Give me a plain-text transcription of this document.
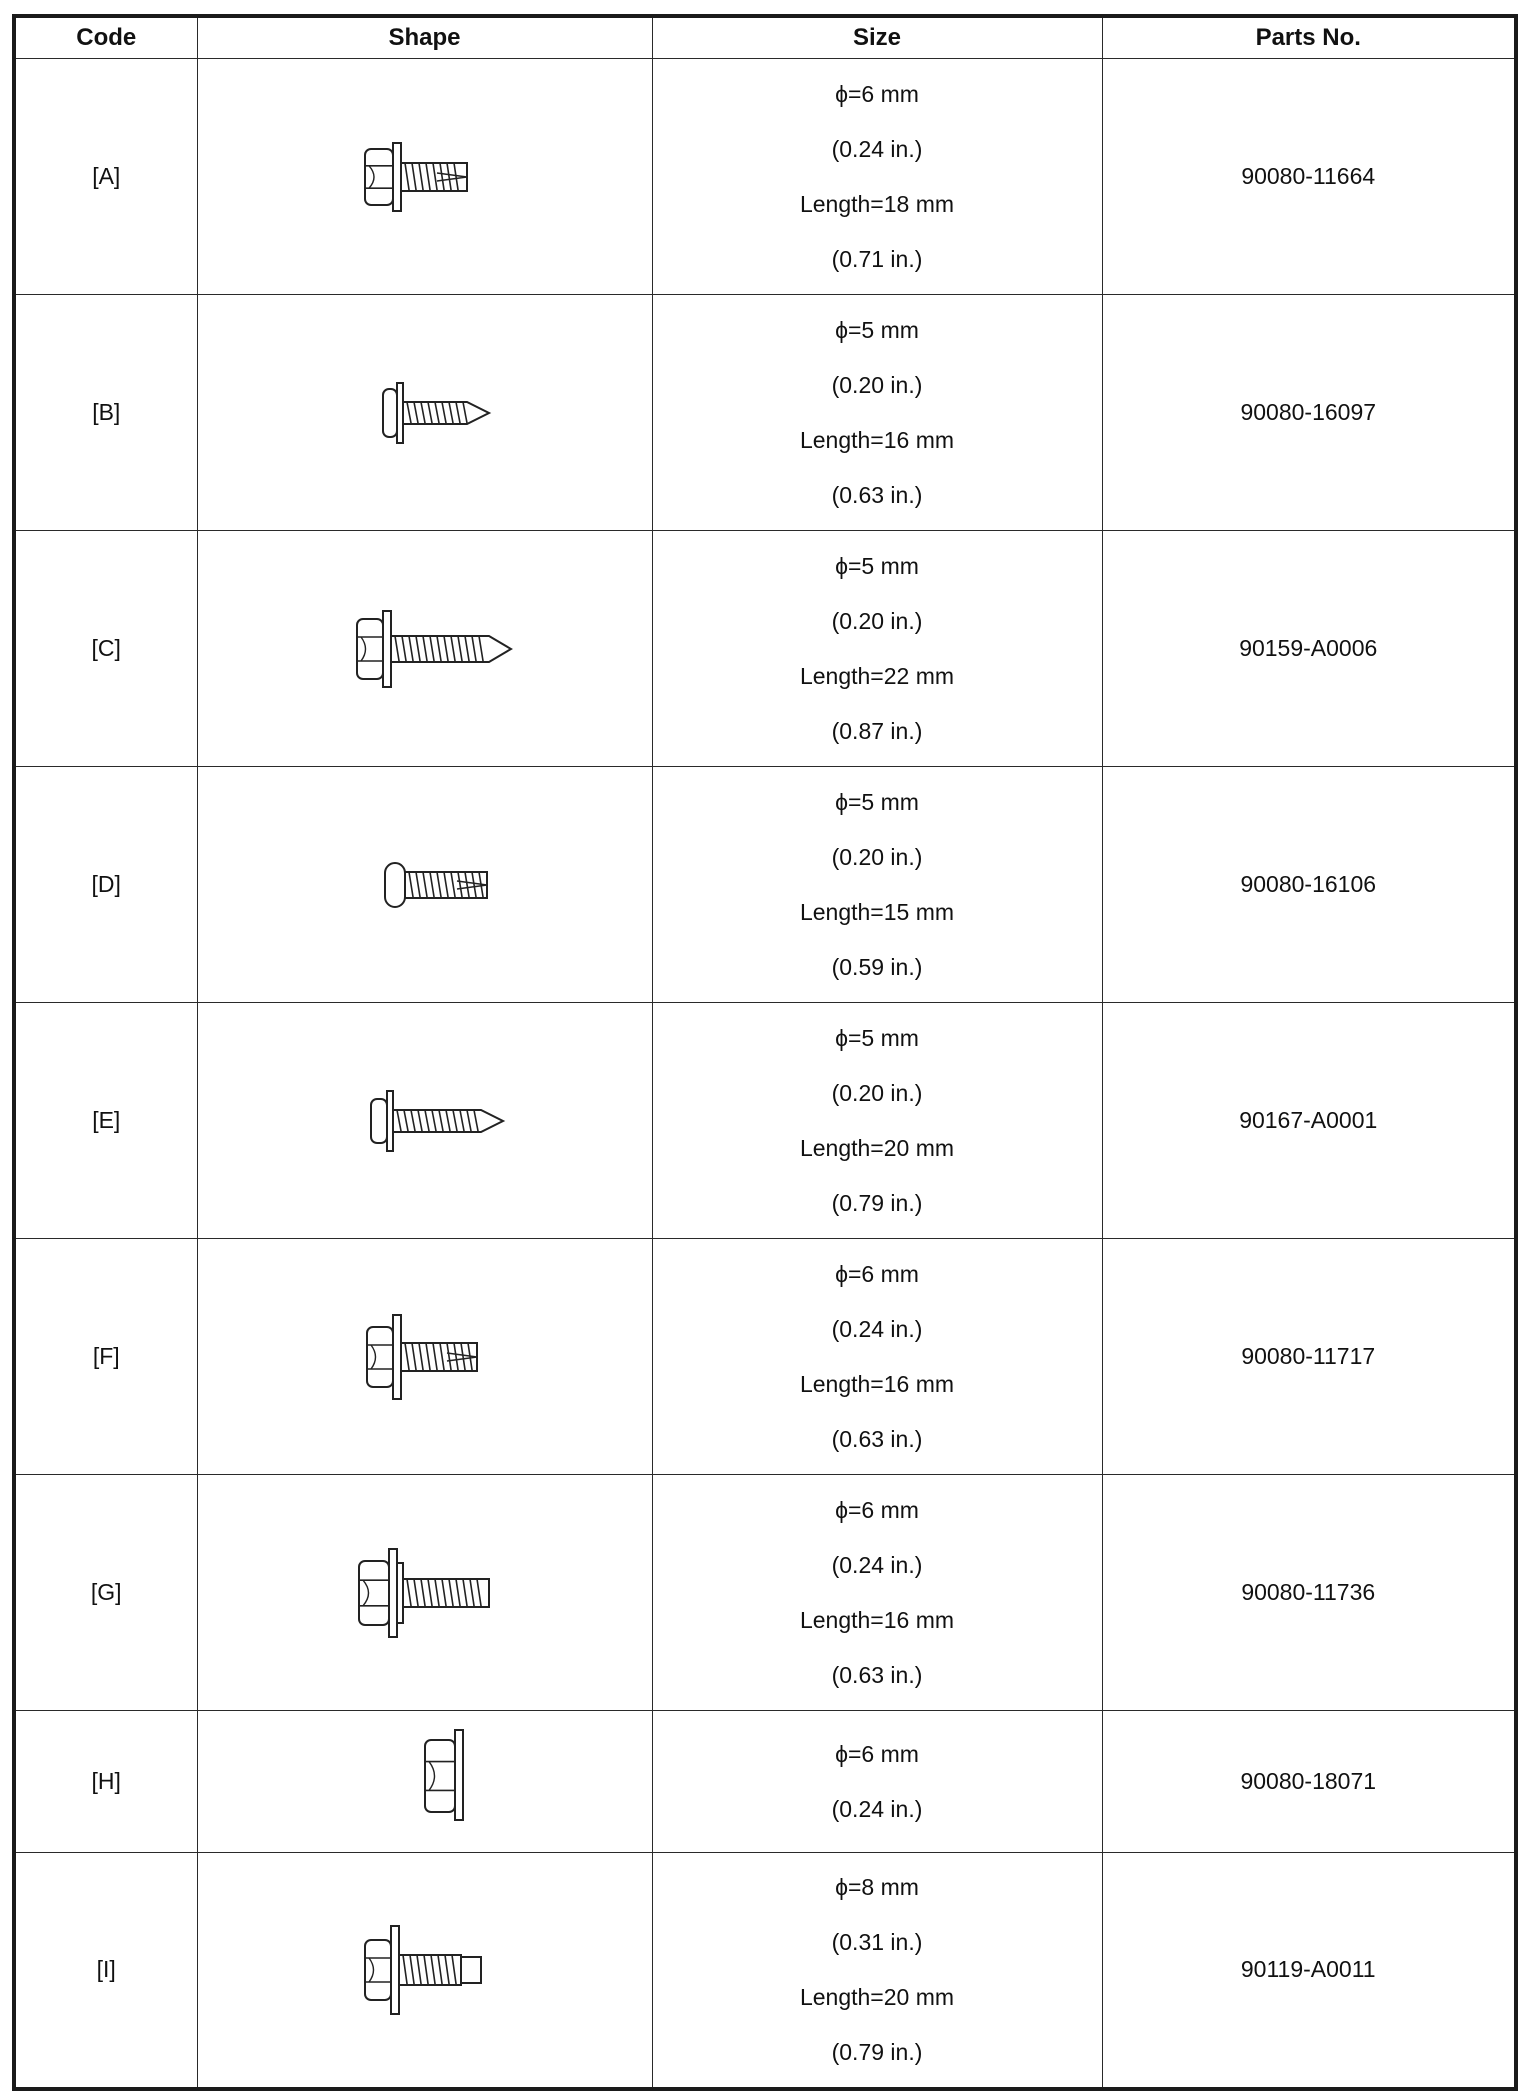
Code	Shape	Size	Parts No.
[A]		ϕ=6 mm
(0.24 in.)
Length=18 mm
(0.71 in.)	90080-11664
[B]		ϕ=5 mm
(0.20 in.)
Length=16 mm
(0.63 in.)	90080-16097
[C]		ϕ=5 mm
(0.20 in.)
Length=22 mm
(0.87 in.)	90159-A0006
[D]		ϕ=5 mm
(0.20 in.)
Length=15 mm
(0.59 in.)	90080-16106
[E]		ϕ=5 mm
(0.20 in.)
Length=20 mm
(0.79 in.)	90167-A0001
[F]		ϕ=6 mm
(0.24 in.)
Length=16 mm
(0.63 in.)	90080-11717
[G]		ϕ=6 mm
(0.24 in.)
Length=16 mm
(0.63 in.)	90080-11736
[H]		ϕ=6 mm
(0.24 in.)	90080-18071
[I]		ϕ=8 mm
(0.31 in.)
Length=20 mm
(0.79 in.)	90119-A0011
